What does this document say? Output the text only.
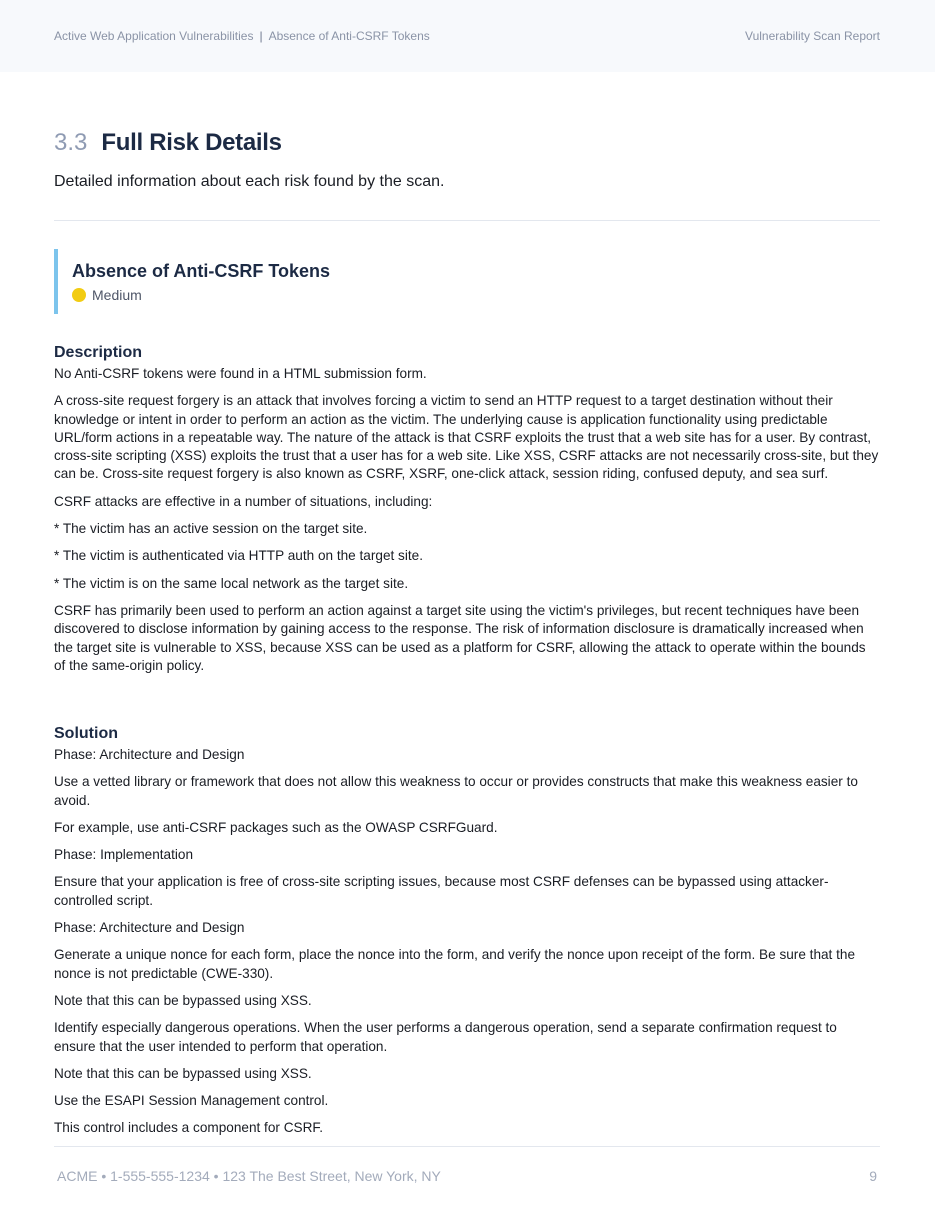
Active Web Application Vulnerabilities | Absence of Anti-CSRF Tokens	Vulnerability Scan Report
3.3 Full Risk Details
Detailed information about each risk found by the scan.
Absence of Anti-CSRF Tokens
Medium
Description

No Anti-CSRF tokens were found in a HTML submission form.

A cross-site request forgery is an attack that involves forcing a victim to send an HTTP request to a target destination without their knowledge or intent in order to perform an action as the victim. The underlying cause is application functionality using predictable URL/form actions in a repeatable way. The nature of the attack is that CSRF exploits the trust that a web site has for a user. By contrast, cross-site scripting (XSS) exploits the trust that a user has for a web site. Like XSS, CSRF attacks are not necessarily cross-site, but they can be. Cross-site request forgery is also known as CSRF, XSRF, one-click attack, session riding, confused deputy, and sea surf.

CSRF attacks are effective in a number of situations, including:

* The victim has an active session on the target site.

* The victim is authenticated via HTTP auth on the target site.

* The victim is on the same local network as the target site.

CSRF has primarily been used to perform an action against a target site using the victim's privileges, but recent techniques have been discovered to disclose information by gaining access to the response. The risk of information disclosure is dramatically increased when the target site is vulnerable to XSS, because XSS can be used as a platform for CSRF, allowing the attack to operate within the bounds of the same-origin policy.

Solution

Phase: Architecture and Design

Use a vetted library or framework that does not allow this weakness to occur or provides constructs that make this weakness easier to avoid.

For example, use anti-CSRF packages such as the OWASP CSRFGuard.

Phase: Implementation

Ensure that your application is free of cross-site scripting issues, because most CSRF defenses can be bypassed using attacker-controlled script.

Phase: Architecture and Design

Generate a unique nonce for each form, place the nonce into the form, and verify the nonce upon receipt of the form. Be sure that the nonce is not predictable (CWE-330).

Note that this can be bypassed using XSS.

Identify especially dangerous operations. When the user performs a dangerous operation, send a separate confirmation request to ensure that the user intended to perform that operation.

Note that this can be bypassed using XSS.

Use the ESAPI Session Management control.

This control includes a component for CSRF.

ACME • 1-555-555-1234 • 123 The Best Street, New York, NY	9
